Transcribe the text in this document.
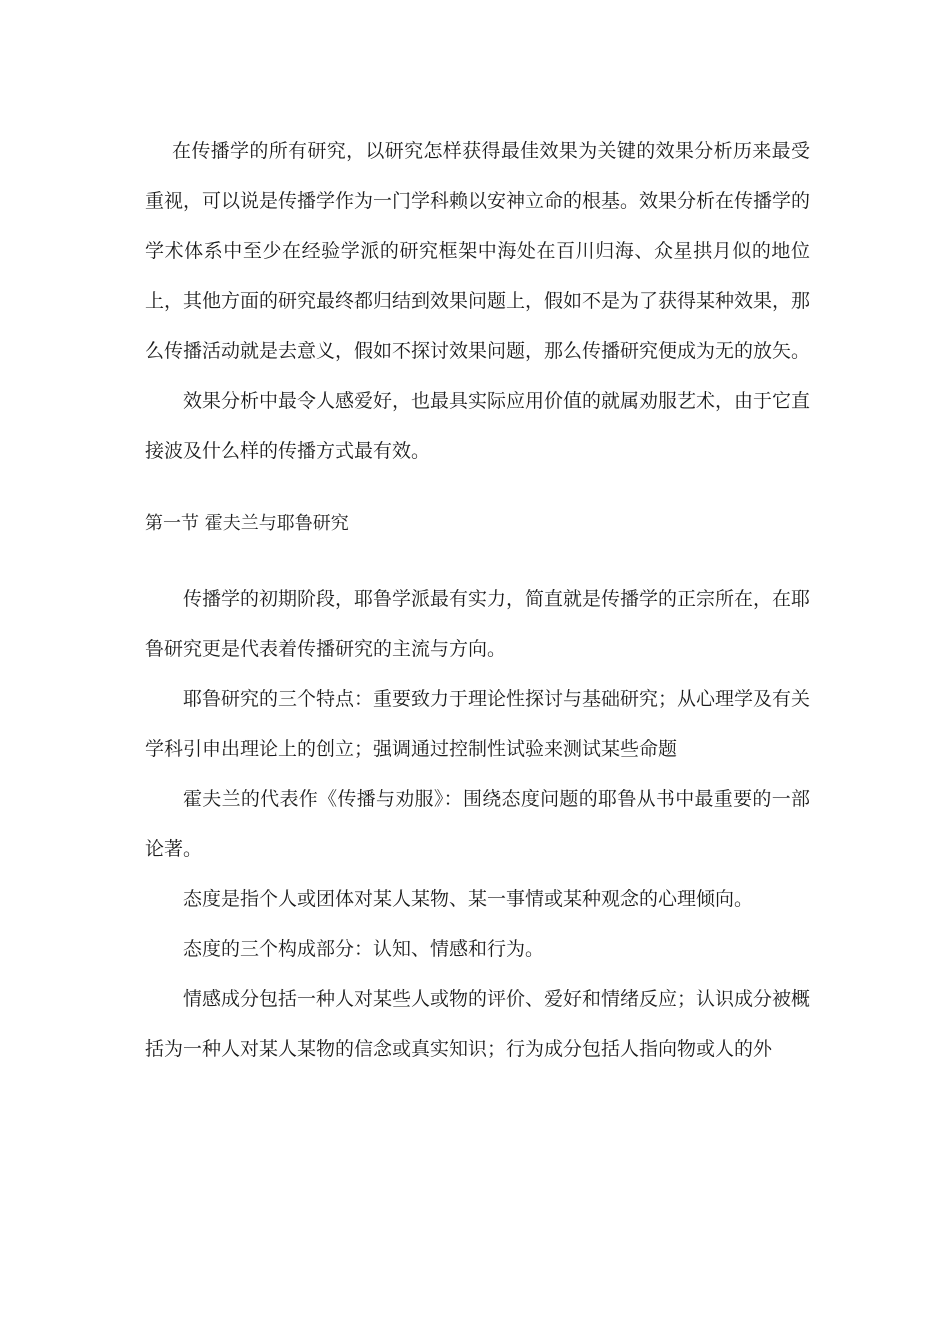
在传播学的所有研究，以研究怎样获得最佳效果为关键的效果分析历来最受重视，可以说是传播学作为一门学科赖以安神立命的根基。效果分析在传播学的学术体系中至少在经验学派的研究框架中海处在百川归海、众星拱月似的地位上，其他方面的研究最终都归结到效果问题上，假如不是为了获得某种效果，那么传播活动就是去意义，假如不探讨效果问题，那么传播研究便成为无的放矢。

效果分析中最令人感爱好，也最具实际应用价值的就属劝服艺术，由于它直接波及什么样的传播方式最有效。

第一节 霍夫兰与耶鲁研究

传播学的初期阶段，耶鲁学派最有实力，简直就是传播学的正宗所在，在耶鲁研究更是代表着传播研究的主流与方向。

耶鲁研究的三个特点：重要致力于理论性探讨与基础研究；从心理学及有关学科引申出理论上的创立；强调通过控制性试验来测试某些命题

霍夫兰的代表作《传播与劝服》：围绕态度问题的耶鲁从书中最重要的一部论著。

态度是指个人或团体对某人某物、某一事情或某种观念的心理倾向。

态度的三个构成部分：认知、情感和行为。

情感成分包括一种人对某些人或物的评价、爱好和情绪反应；认识成分被概括为一种人对某人某物的信念或真实知识；行为成分包括人指向物或人的外
